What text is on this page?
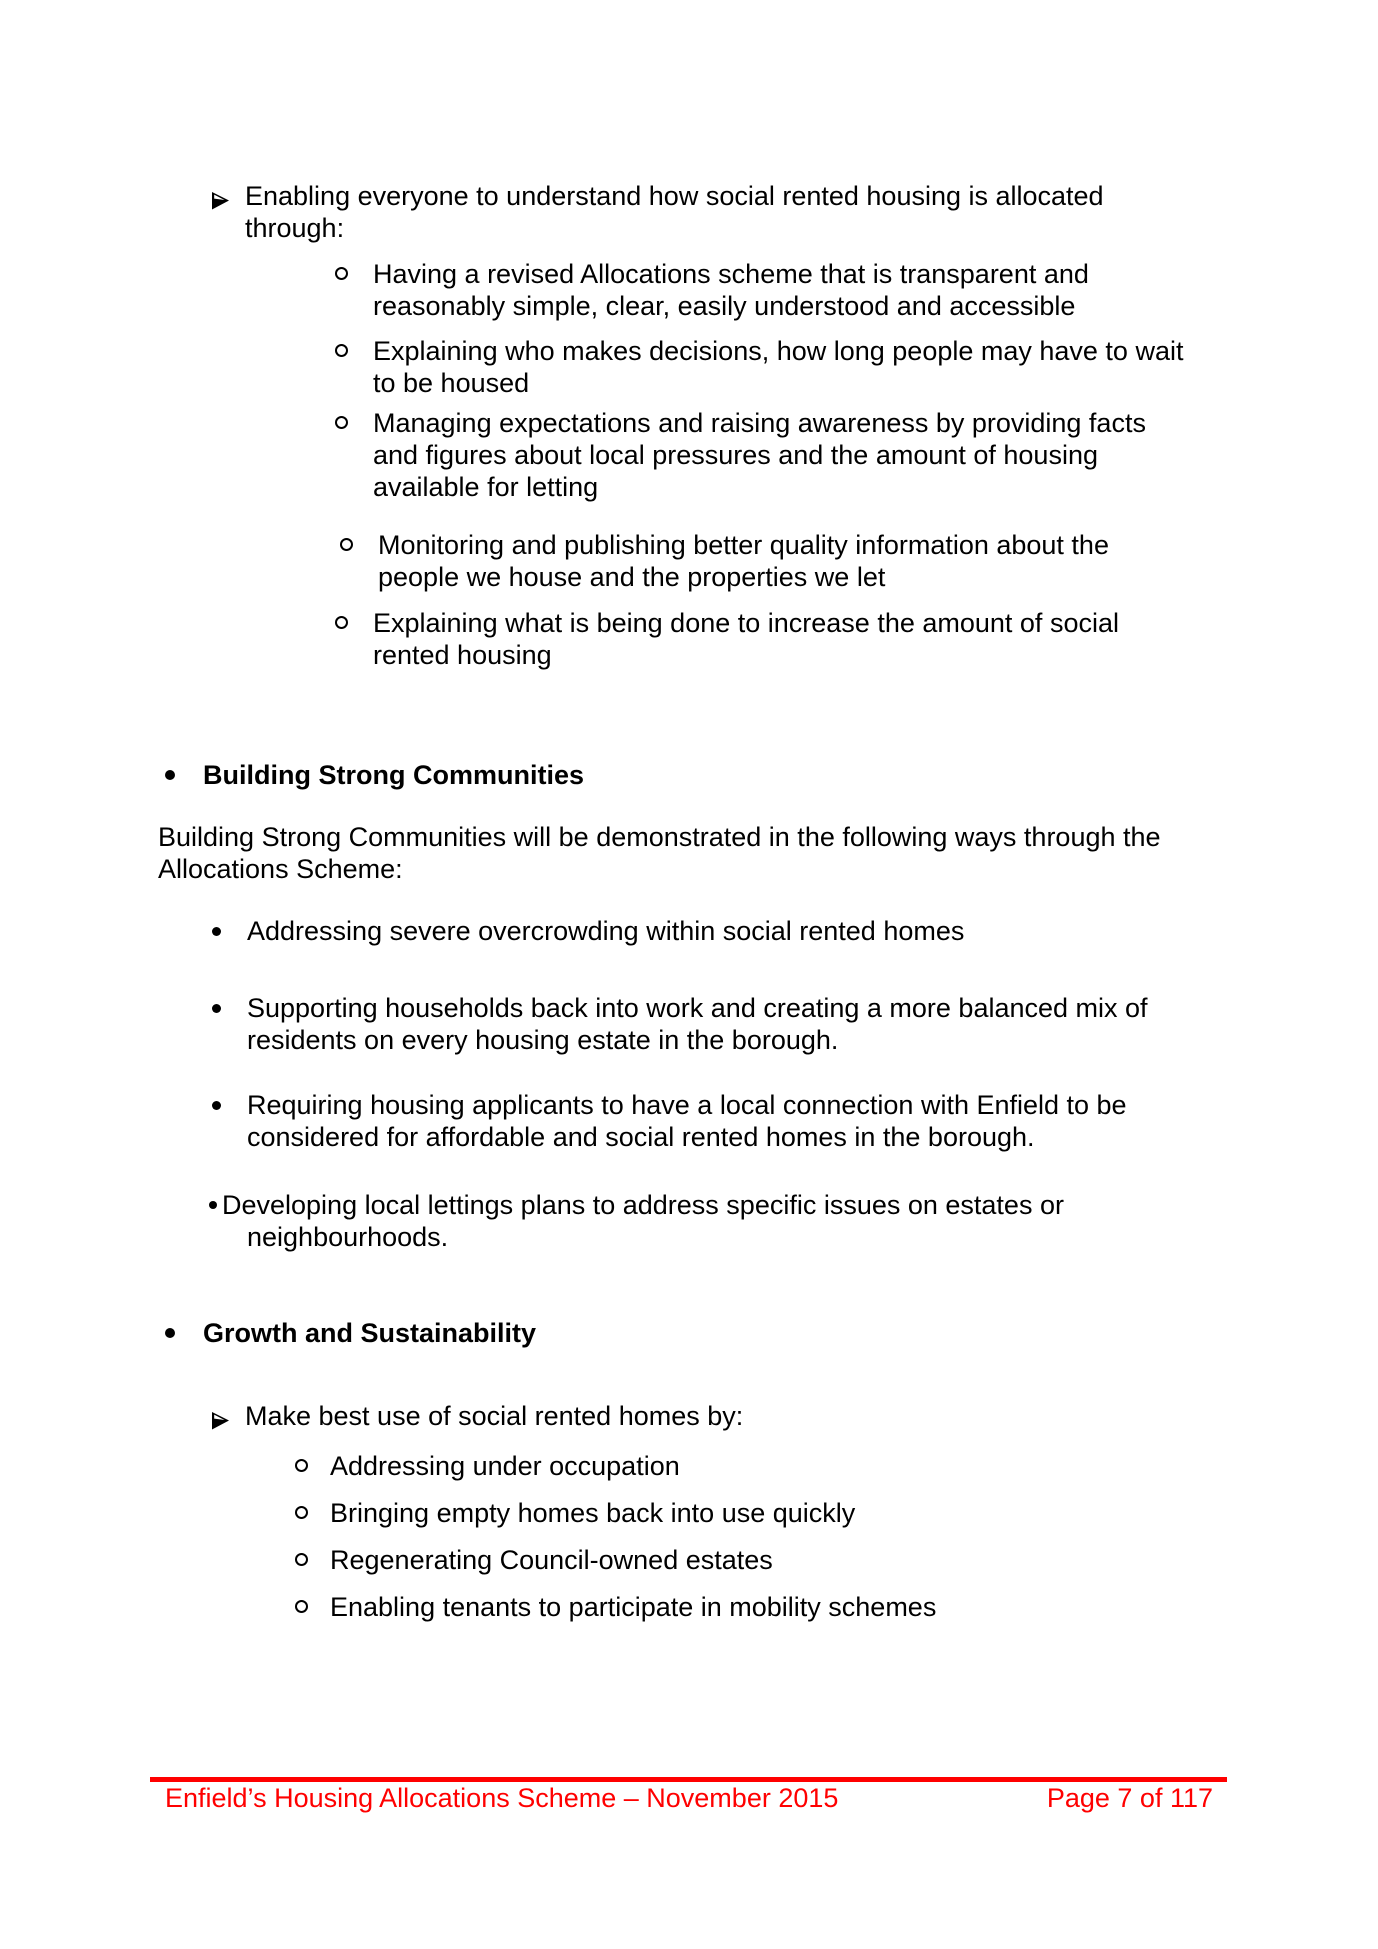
Enabling everyone to understand how social rented housing is allocated
through:
Having a revised Allocations scheme that is transparent and
reasonably simple, clear, easily understood and accessible
Explaining who makes decisions, how long people may have to wait
to be housed
Managing expectations and raising awareness by providing facts
and figures about local pressures and the amount of housing
available for letting
Monitoring and publishing better quality information about the
people we house and the properties we let
Explaining what is being done to increase the amount of social
rented housing
Building Strong Communities
Building Strong Communities will be demonstrated in the following ways through the
Allocations Scheme:
Addressing severe overcrowding within social rented homes
Supporting households back into work and creating a more balanced mix of
residents on every housing estate in the borough.
Requiring housing applicants to have a local connection with Enfield to be
considered for affordable and social rented homes in the borough.
Developing local lettings plans to address specific issues on estates or
neighbourhoods.
Growth and Sustainability
Make best use of social rented homes by:
Addressing under occupation
Bringing empty homes back into use quickly
Regenerating Council-owned estates
Enabling tenants to participate in mobility schemes
Enfield’s Housing Allocations Scheme – November 2015	Page 7 of 117
